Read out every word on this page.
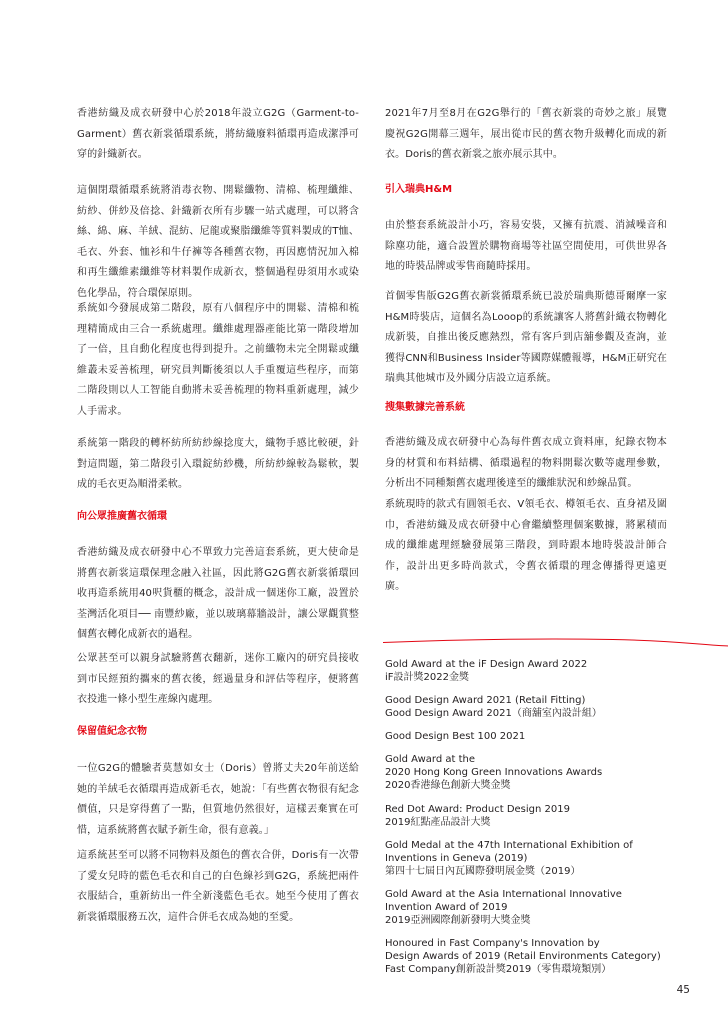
香港紡織及成衣研發中心於2018年設立G2G（Garment-to-Garment）舊衣新裳循環系統，將紡織廢料循環再造成潔淨可穿的針織新衣。

這個閉環循環系統將消毒衣物、開鬆纖物、清棉、梳理纖維、紡紗、併紗及倍捻、針織新衣所有步驟一站式處理，可以將含絲、綿、麻、羊絨、混紡、尼龍或聚脂纖維等質料製成的T恤、毛衣、外套、恤衫和牛仔褲等各種舊衣物，再因應情況加入棉和再生纖維素纖維等材料製作成新衣，整個過程毋須用水或染色化學品，符合環保原則。

系統如今發展成第二階段，原有八個程序中的開鬆、清棉和梳理精簡成由三合一系統處理。纖維處理器產能比第一階段增加了一倍，且自動化程度也得到提升。之前纖物未完全開鬆或纖維叢未妥善梳理，研究員判斷後須以人手重覆這些程序，而第二階段則以人工智能自動將未妥善梳理的物料重新處理，減少人手需求。

系統第一階段的轉杯紡所紡紗線捻度大，織物手感比較硬，針對這問題，第二階段引入環錠紡紗機，所紡紗線較為鬆軟，製成的毛衣更為順滑柔軟。

向公眾推廣舊衣循環

香港紡織及成衣研發中心不單致力完善這套系統，更大使命是將舊衣新裳這環保理念融入社區，因此將G2G舊衣新裳循環回收再造系統用40呎貨櫃的概念，設計成一個迷你工廠，設置於荃灣活化項目── 南豐紗廠，並以玻璃幕牆設計，讓公眾觀賞整個舊衣轉化成新衣的過程。

公眾甚至可以親身試驗將舊衣翻新，迷你工廠內的研究員接收到市民經預約攜來的舊衣後，經過量身和評估等程序，便將舊衣投進一條小型生產線內處理。

保留值紀念衣物

一位G2G的體驗者莫慧如女士（Doris）曾將丈夫20年前送給她的羊絨毛衣循環再造成新毛衣，她說：「有些舊衣物很有紀念價值，只是穿得舊了一點，但質地仍然很好，這樣丟棄實在可惜，這系統將舊衣賦予新生命，很有意義。」

這系統甚至可以將不同物料及顏色的舊衣合併，Doris有一次帶了愛女兒時的藍色毛衣和自己的白色線衫到G2G，系統把兩件衣服結合，重新紡出一件全新淺藍色毛衣。她至今使用了舊衣新裳循環服務五次，這件合併毛衣成為她的至愛。

2021年7月至8月在G2G舉行的「舊衣新裳的奇妙之旅」展覽慶祝G2G開幕三週年，展出從市民的舊衣物升級轉化而成的新衣。Doris的舊衣新裳之旅亦展示其中。

引入瑞典H&M

由於整套系統設計小巧，容易安裝，又擁有抗震、消減噪音和除塵功能，適合設置於購物商場等社區空間使用，可供世界各地的時裝品牌或零售商隨時採用。

首個零售版G2G舊衣新裳循環系統已設於瑞典斯德哥爾摩一家H&M時裝店，這個名為Looop的系統讓客人將舊針織衣物轉化成新裝，自推出後反應熱烈，常有客戶到店舖參觀及查詢，並獲得CNN和Business Insider等國際媒體報導，H&M正研究在瑞典其他城市及外國分店設立這系統。

搜集數據完善系統

香港紡織及成衣研發中心為每件舊衣成立資料庫，紀錄衣物本身的材質和布料結構、循環過程的物料開鬆次數等處理參數，分析出不同種類舊衣處理後達至的纖維狀況和紗線品質。

系統現時的款式有圓領毛衣、V領毛衣、樽領毛衣、直身裙及圍巾，香港紡織及成衣研發中心會繼續整理個案數據，將累積而成的纖維處理經驗發展第三階段，到時跟本地時裝設計師合作，設計出更多時尚款式，令舊衣循環的理念傳播得更遠更廣。

Gold Award at the iF Design Award 2022
iF設計獎2022金獎
Good Design Award 2021 (Retail Fitting)
Good Design Award 2021（商舖室內設計組）
Good Design Best 100 2021
Gold Award at the
2020 Hong Kong Green Innovations Awards
2020香港綠色創新大獎金獎
Red Dot Award: Product Design 2019
2019紅點產品設計大獎
Gold Medal at the 47th International Exhibition of
Inventions in Geneva (2019)
第四十七屆日內瓦國際發明展金獎（2019）
Gold Award at the Asia International Innovative
Invention Award of 2019
2019亞洲國際創新發明大獎金獎
Honoured in Fast Company's Innovation by
Design Awards of 2019 (Retail Environments Category)
Fast Company創新設計獎2019（零售環境類別）
45
